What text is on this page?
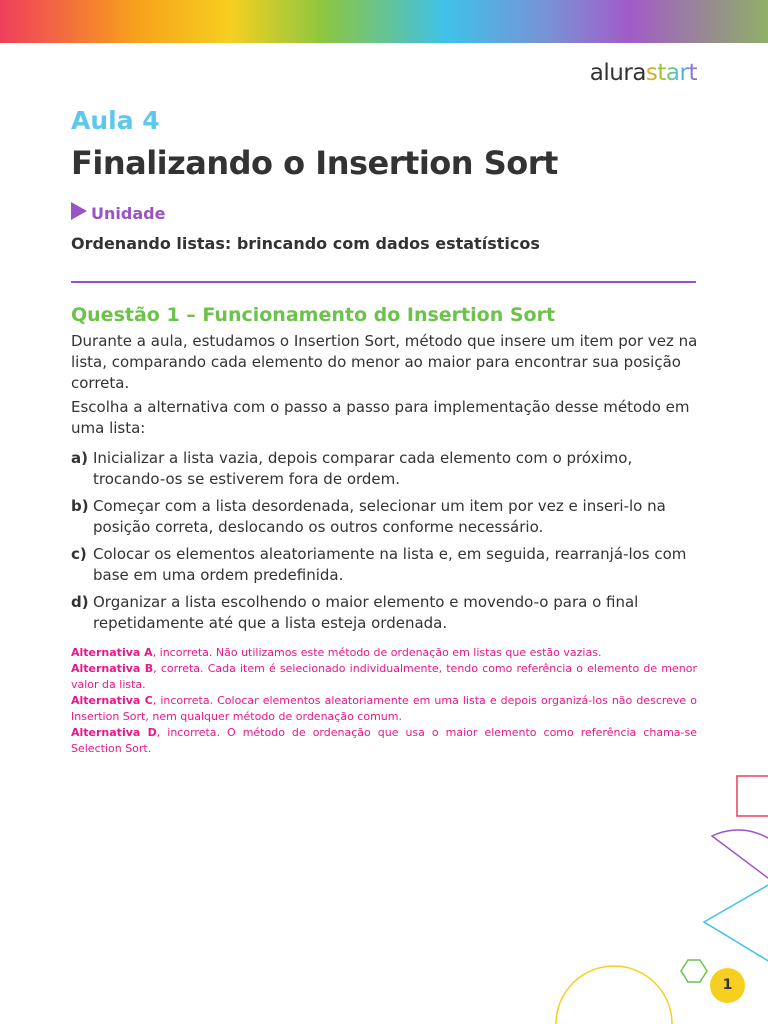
alurastart
Aula 4
Finalizando o Insertion Sort
Unidade
Ordenando listas: brincando com dados estatísticos
Questão 1 – Funcionamento do Insertion Sort
Durante a aula, estudamos o Insertion Sort, método que insere um item por vez na lista, comparando cada elemento do menor ao maior para encontrar sua posição correta.
Escolha a alternativa com o passo a passo para implementação desse método em uma lista:
a) Inicializar a lista vazia, depois comparar cada elemento com o próximo, trocando-os se estiverem fora de ordem.
b) Começar com a lista desordenada, selecionar um item por vez e inseri-lo na posição correta, deslocando os outros conforme necessário.
c) Colocar os elementos aleatoriamente na lista e, em seguida, rearranjá-los com base em uma ordem predefinida.
d) Organizar a lista escolhendo o maior elemento e movendo-o para o final repetidamente até que a lista esteja ordenada.
Alternativa A, incorreta. Não utilizamos este método de ordenação em listas que estão vazias.
Alternativa B, correta. Cada item é selecionado individualmente, tendo como referência o elemento de menor valor da lista.
Alternativa C, incorreta. Colocar elementos aleatoriamente em uma lista e depois organizá-los não descreve o Insertion Sort, nem qualquer método de ordenação comum.
Alternativa D, incorreta. O método de ordenação que usa o maior elemento como referência chama-se Selection Sort.
1
